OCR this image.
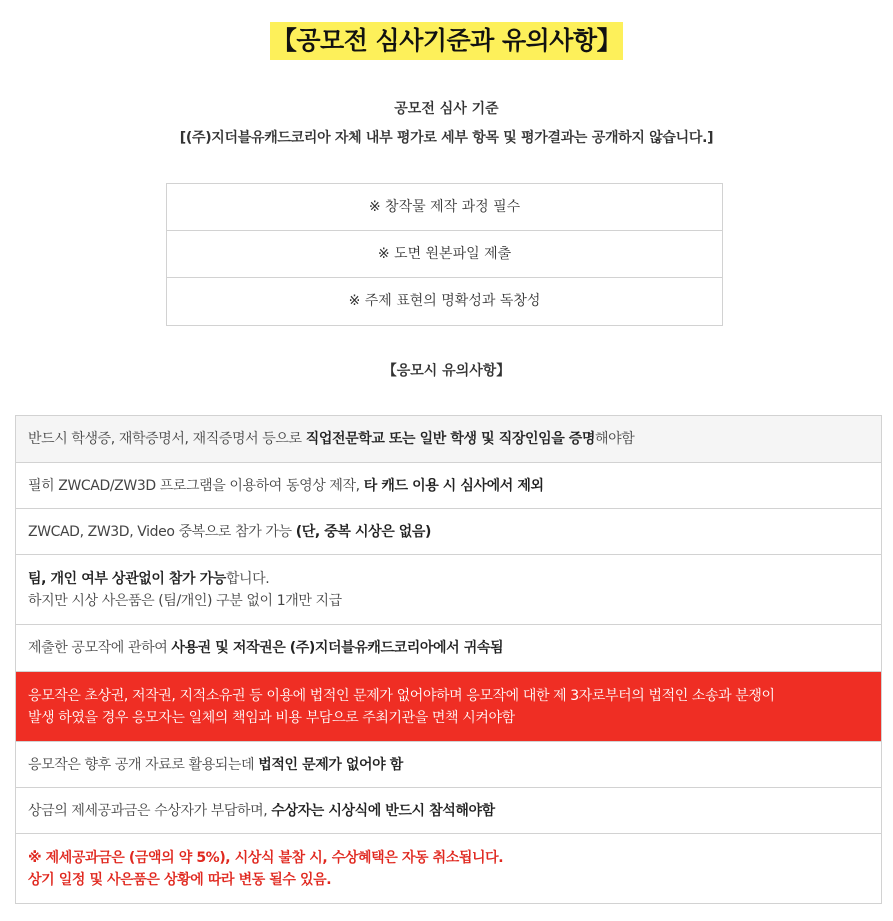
【공모전 심사기준과 유의사항】
공모전 심사 기준
[(주)지더블유캐드코리아 자체 내부 평가로 세부 항목 및 평가결과는 공개하지 않습니다.]
※ 창작물 제작 과정 필수
※ 도면 원본파일 제출
※ 주제 표현의 명확성과 독창성
【응모시 유의사항】
반드시 학생증, 재학증명서, 재직증명서 등으로 직업전문학교 또는 일반 학생 및 직장인임을 증명해야함
필히 ZWCAD/ZW3D 프로그램을 이용하여 동영상 제작, 타 캐드 이용 시 심사에서 제외
ZWCAD, ZW3D, Video 중복으로 참가 가능 (단, 중복 시상은 없음)
팀, 개인 여부 상관없이 참가 가능합니다.
하지만 시상 사은품은 (팀/개인) 구분 없이 1개만 지급
제출한 공모작에 관하여 사용권 및 저작권은 (주)지더블유캐드코리아에서 귀속됨
응모작은 초상권, 저작권, 지적소유권 등 이용에 법적인 문제가 없어야하며 응모작에 대한 제 3자로부터의 법적인 소송과 분쟁이
발생 하였을 경우 응모자는 일체의 책임과 비용 부담으로 주최기관을 면책 시켜야함
응모작은 향후 공개 자료로 활용되는데 법적인 문제가 없어야 함
상금의 제세공과금은 수상자가 부담하며, 수상자는 시상식에 반드시 참석해야함
※ 제세공과금은 (금액의 약 5%), 시상식 불참 시, 수상혜택은 자동 취소됩니다.
상기 일정 및 사은품은 상황에 따라 변동 될수 있음.
